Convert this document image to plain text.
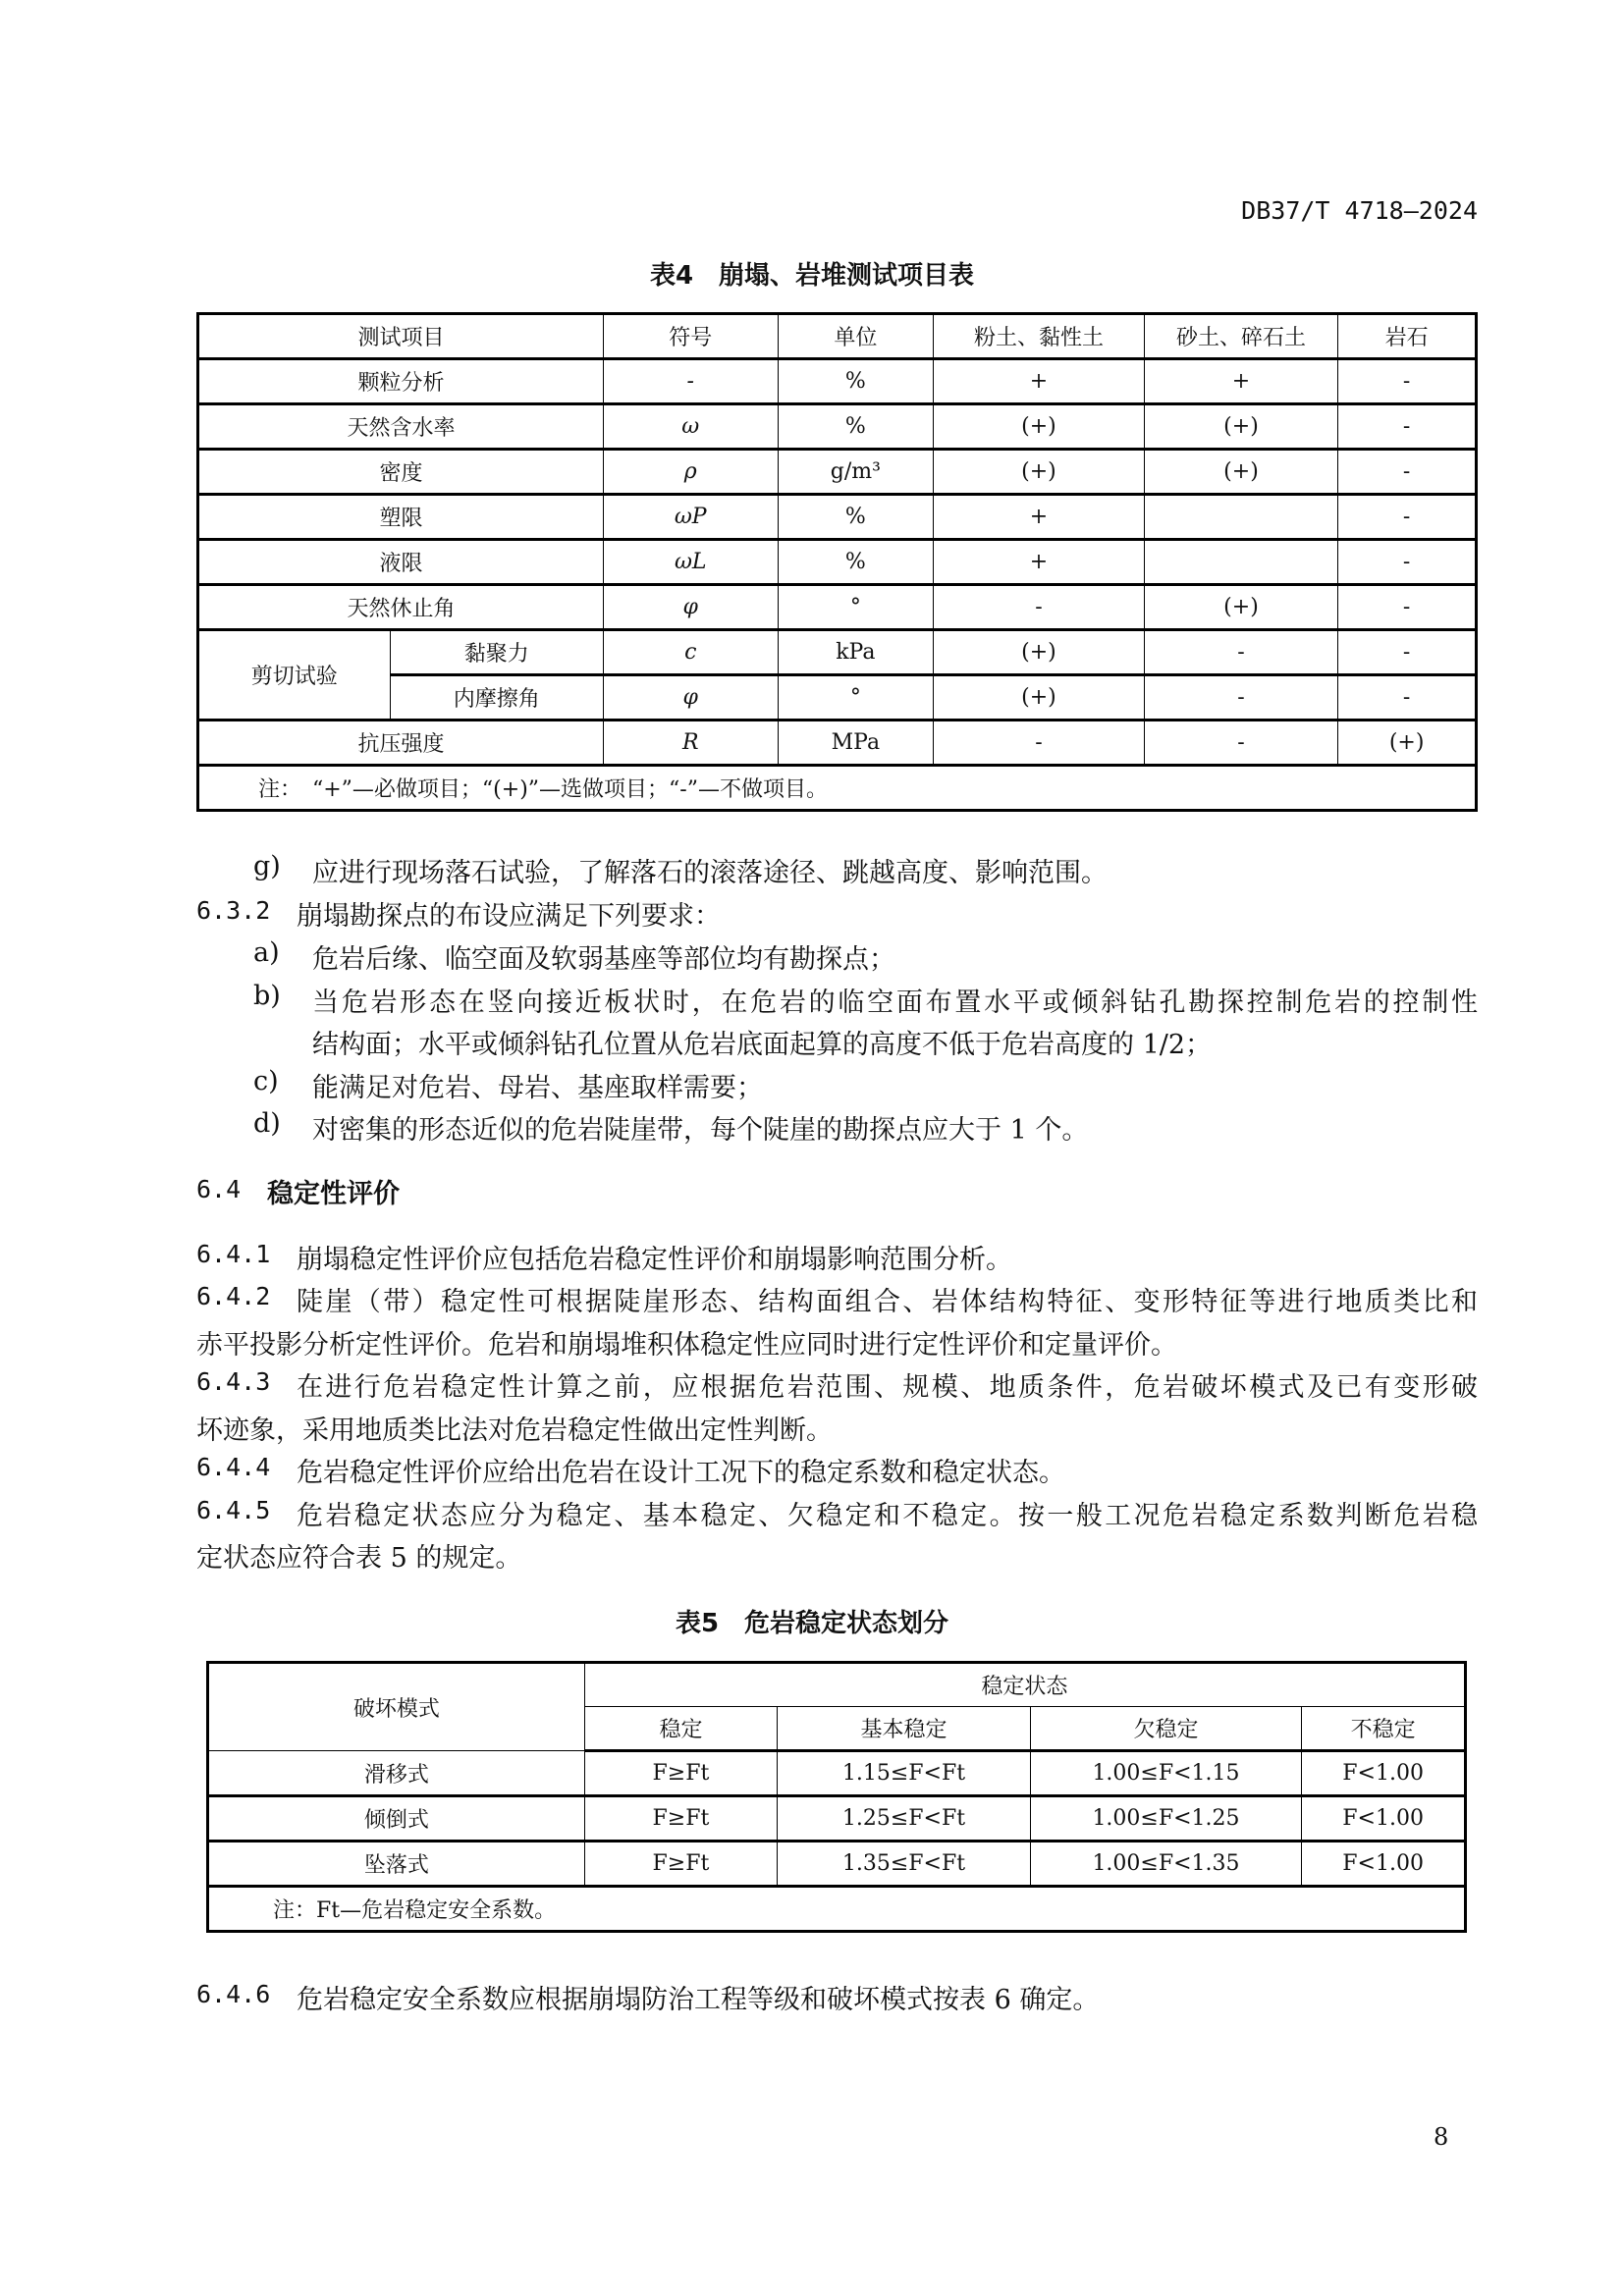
DB37/T 4718—2024
表4　崩塌、岩堆测试项目表
测试项目		符号	单位	粉土、黏性土	砂土、碎石土	岩石
颗粒分析		-	%	+	+	-
天然含水率		ω	%	(+)	(+)	-
密度		ρ	g/m³	(+)	(+)	-
塑限		ωP	%	+		-
液限		ωL	%	+		-
天然休止角		φ	°	-	(+)	-
剪切试验	黏聚力	c	kPa	(+)	-	-
	内摩擦角	φ	°	(+)	-	-
抗压强度		R	MPa	-	-	(+)
注：　“+”—必做项目；“(+)”—选做项目；“-”—不做项目。						
g) 应进行现场落石试验，了解落石的滚落途径、跳越高度、影响范围。
6.3.2 崩塌勘探点的布设应满足下列要求：
a) 危岩后缘、临空面及软弱基座等部位均有勘探点；
b) 当危岩形态在竖向接近板状时，在危岩的临空面布置水平或倾斜钻孔勘探控制危岩的控制性
结构面；水平或倾斜钻孔位置从危岩底面起算的高度不低于危岩高度的 1/2；
c) 能满足对危岩、母岩、基座取样需要；
d) 对密集的形态近似的危岩陡崖带，每个陡崖的勘探点应大于 1 个。
6.4 稳定性评价
6.4.1 崩塌稳定性评价应包括危岩稳定性评价和崩塌影响范围分析。
6.4.2 陡崖（带）稳定性可根据陡崖形态、结构面组合、岩体结构特征、变形特征等进行地质类比和
赤平投影分析定性评价。危岩和崩塌堆积体稳定性应同时进行定性评价和定量评价。
6.4.3 在进行危岩稳定性计算之前，应根据危岩范围、规模、地质条件，危岩破坏模式及已有变形破
坏迹象，采用地质类比法对危岩稳定性做出定性判断。
6.4.4 危岩稳定性评价应给出危岩在设计工况下的稳定系数和稳定状态。
6.4.5 危岩稳定状态应分为稳定、基本稳定、欠稳定和不稳定。按一般工况危岩稳定系数判断危岩稳
定状态应符合表 5 的规定。
表5　危岩稳定状态划分
破坏模式	稳定状态			
	稳定	基本稳定	欠稳定	不稳定
滑移式	F≥Ft	1.15≤F<Ft	1.00≤F<1.15	F<1.00
倾倒式	F≥Ft	1.25≤F<Ft	1.00≤F<1.25	F<1.00
坠落式	F≥Ft	1.35≤F<Ft	1.00≤F<1.35	F<1.00
注：Ft—危岩稳定安全系数。				
6.4.6 危岩稳定安全系数应根据崩塌防治工程等级和破坏模式按表 6 确定。
8
